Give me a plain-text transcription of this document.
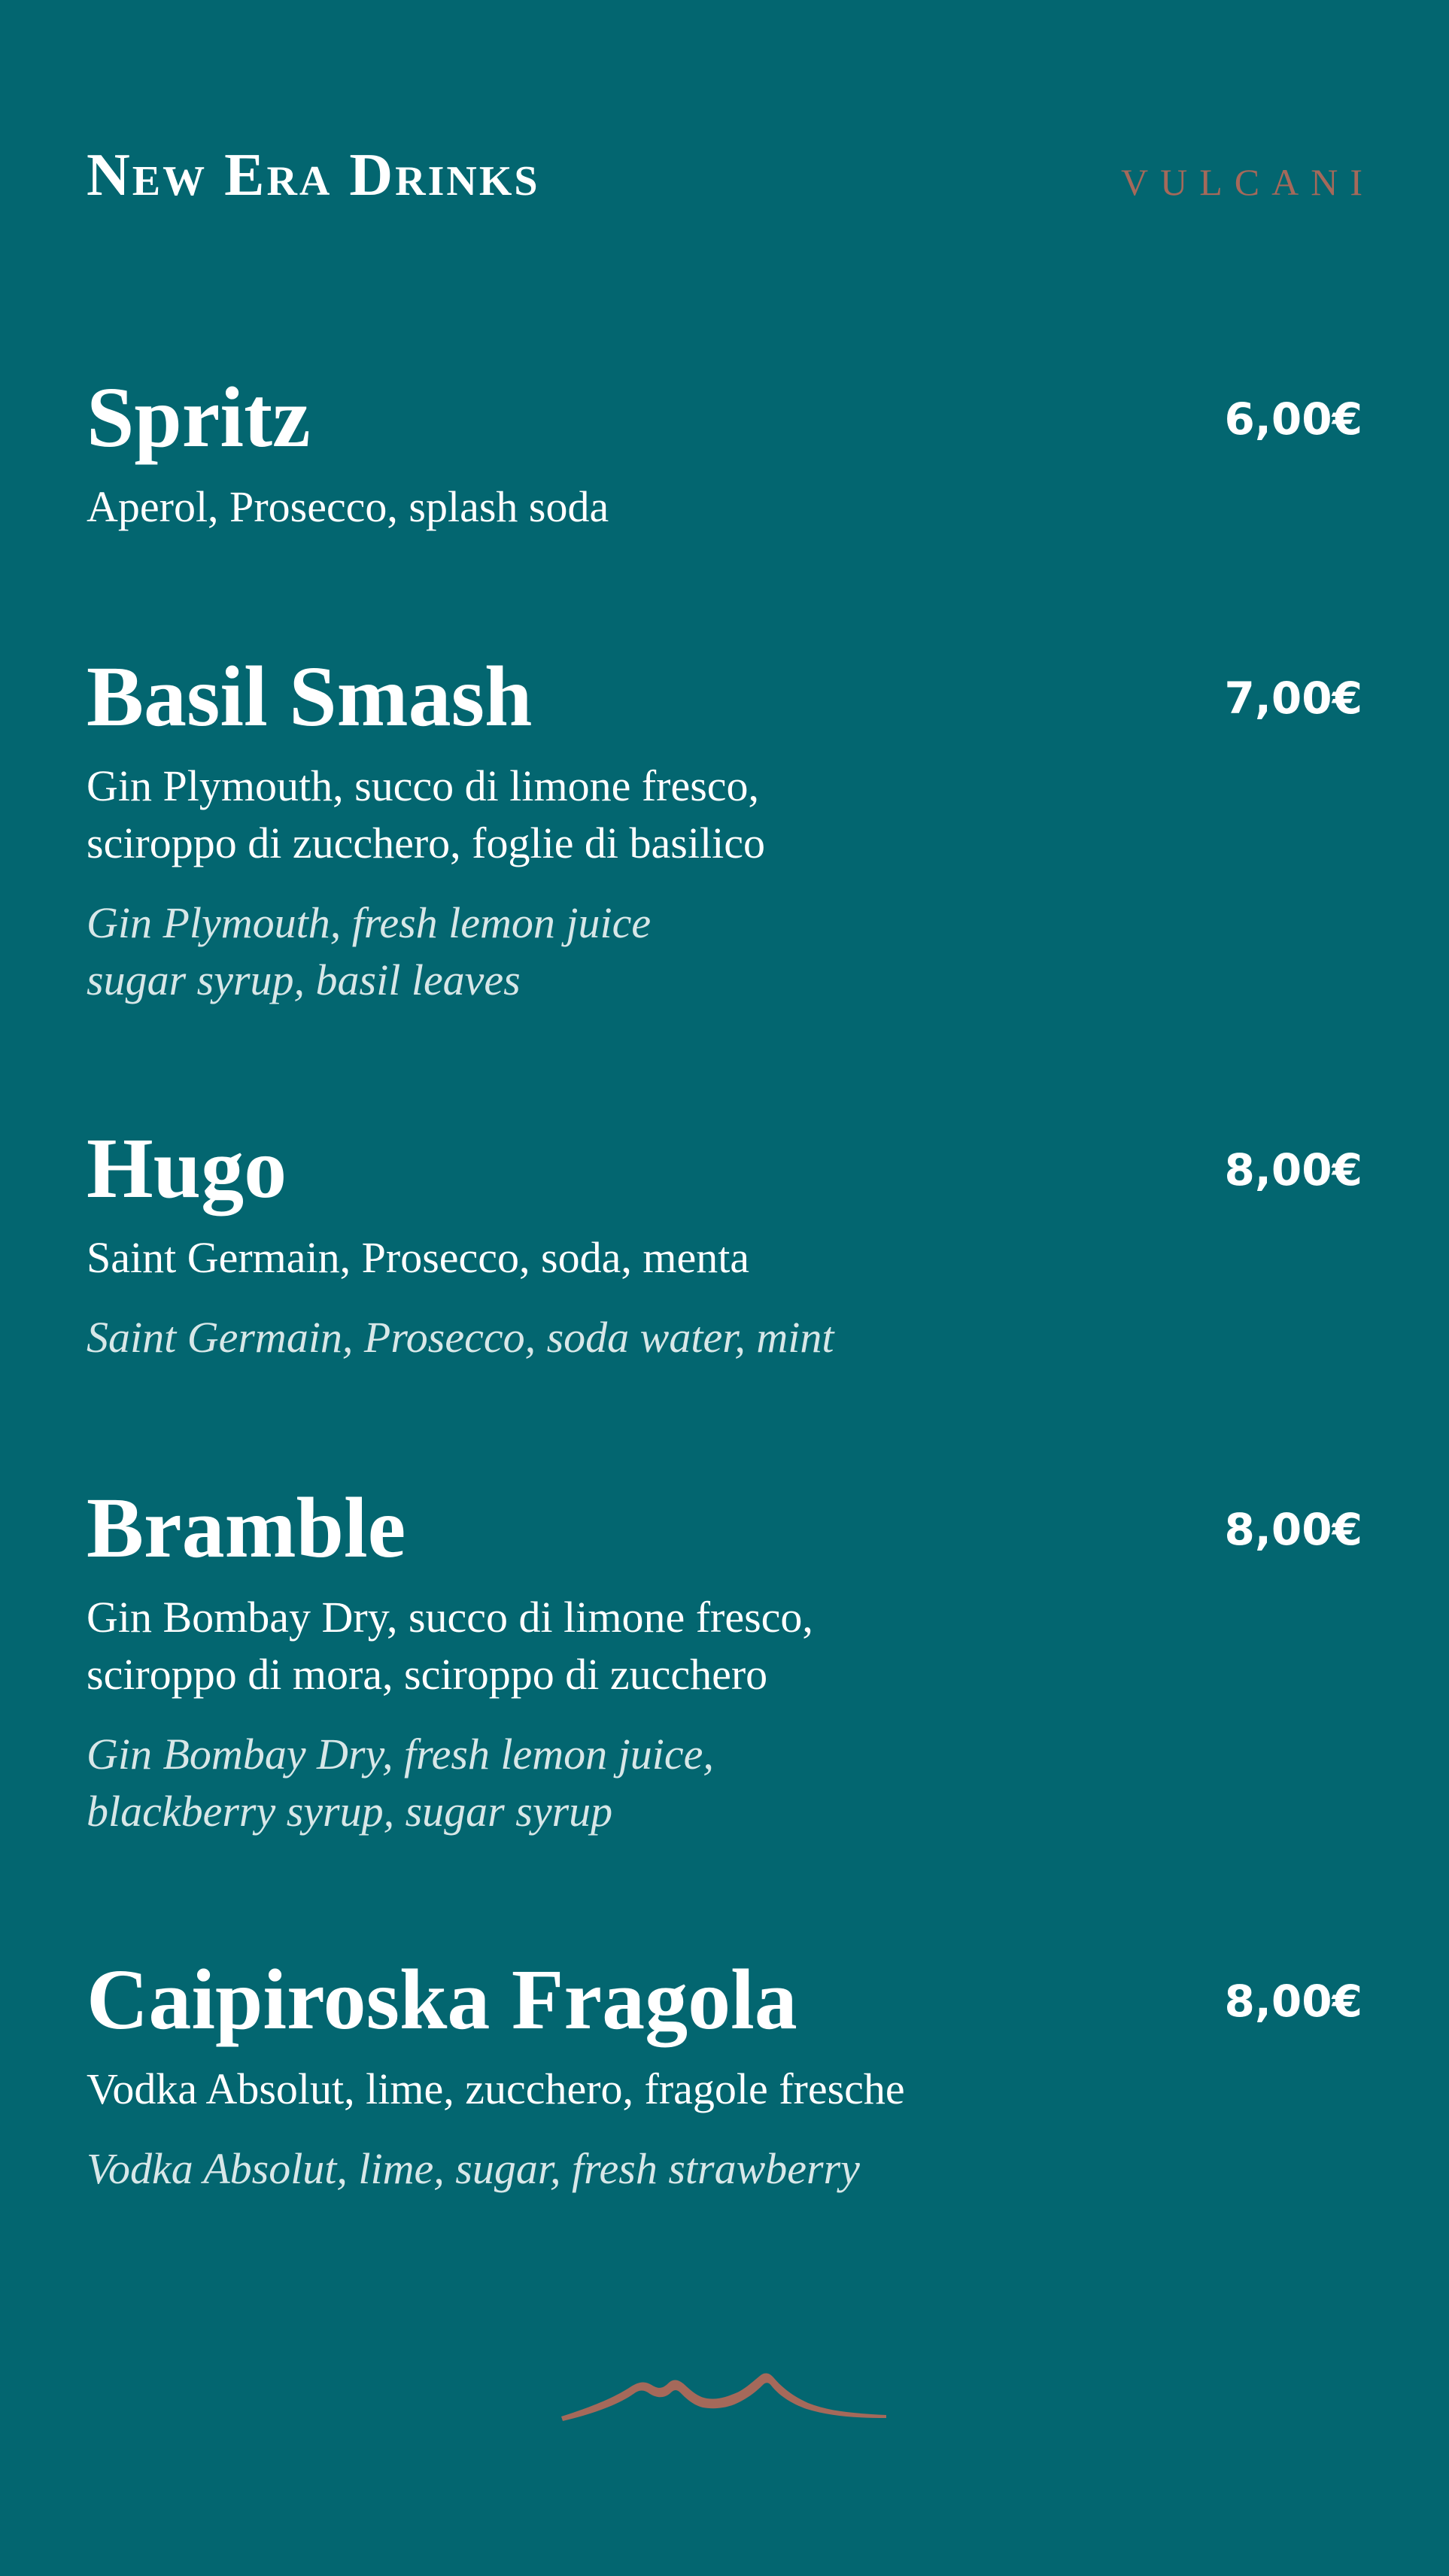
New Era Drinks	VULCANI
Spritz	6,00€
Aperol, Prosecco, splash soda
Basil Smash	7,00€
Gin Plymouth, succo di limone fresco,
sciroppo di zucchero, foglie di basilico
Gin Plymouth, fresh lemon juice
sugar syrup, basil leaves
Hugo	8,00€
Saint Germain, Prosecco, soda, menta
Saint Germain, Prosecco, soda water, mint
Bramble	8,00€
Gin Bombay Dry, succo di limone fresco,
sciroppo di mora, sciroppo di zucchero
Gin Bombay Dry, fresh lemon juice,
blackberry syrup, sugar syrup
Caipiroska Fragola	8,00€
Vodka Absolut, lime, zucchero, fragole fresche
Vodka Absolut, lime, sugar, fresh strawberry
